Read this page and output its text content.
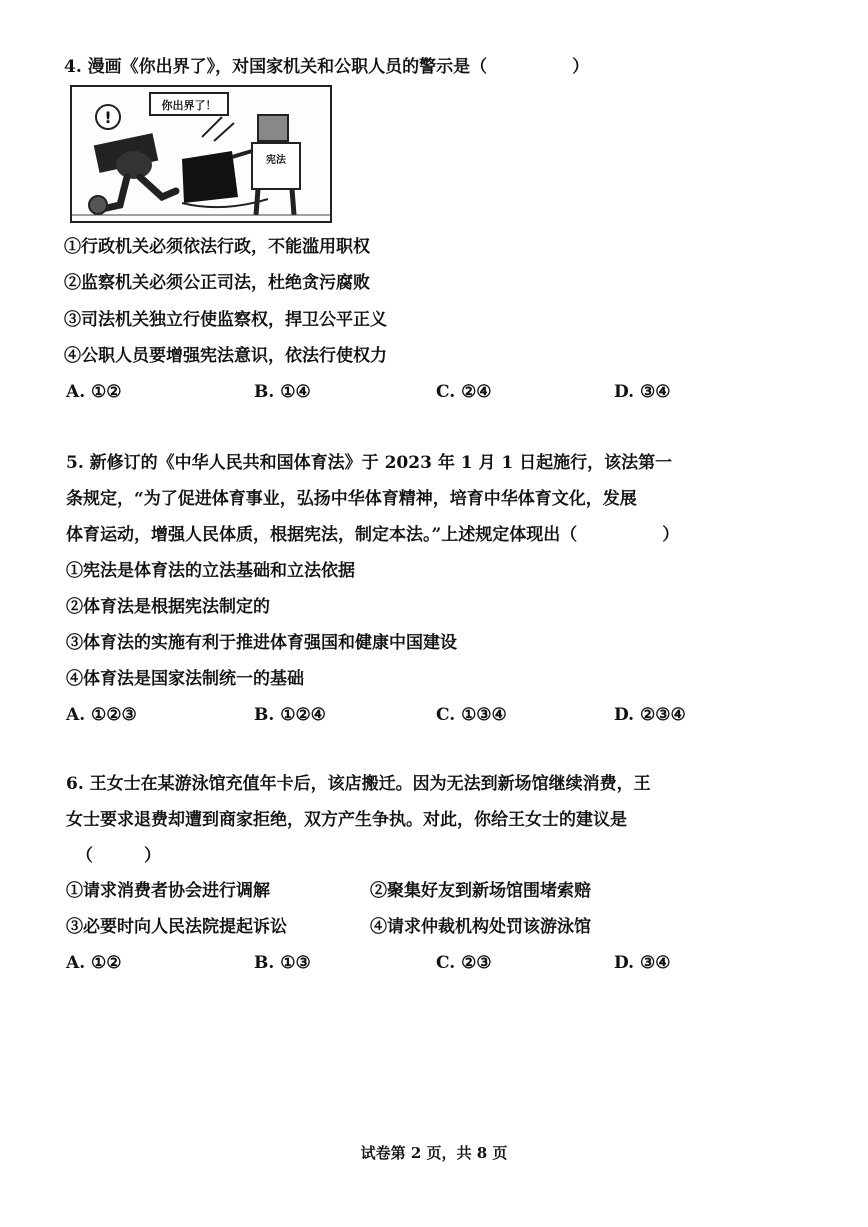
4. 漫画《你出界了》，对国家机关和公职人员的警示是（　　　　　）
你出界了！
!
宪法
①行政机关必须依法行政，不能滥用职权
②监察机关必须公正司法，杜绝贪污腐败
③司法机关独立行使监察权，捍卫公平正义
④公职人员要增强宪法意识，依法行使权力
A. ①②	B. ①④	C. ②④	D. ③④
5. 新修订的《中华人民共和国体育法》于 2023 年 1 月 1 日起施行，该法第一
条规定，“为了促进体育事业，弘扬中华体育精神，培育中华体育文化，发展
体育运动，增强人民体质，根据宪法，制定本法。”上述规定体现出（　　　　　）
①宪法是体育法的立法基础和立法依据
②体育法是根据宪法制定的
③体育法的实施有利于推进体育强国和健康中国建设
④体育法是国家法制统一的基础
A. ①②③	B. ①②④	C. ①③④	D. ②③④
6. 王女士在某游泳馆充值年卡后，该店搬迁。因为无法到新场馆继续消费，王
女士要求退费却遭到商家拒绝，双方产生争执。对此，你给王女士的建议是
（　　　）
①请求消费者协会进行调解	②聚集好友到新场馆围堵索赔
③必要时向人民法院提起诉讼	④请求仲裁机构处罚该游泳馆
A. ①②	B. ①③	C. ②③	D. ③④
试卷第 2 页，共 8 页
